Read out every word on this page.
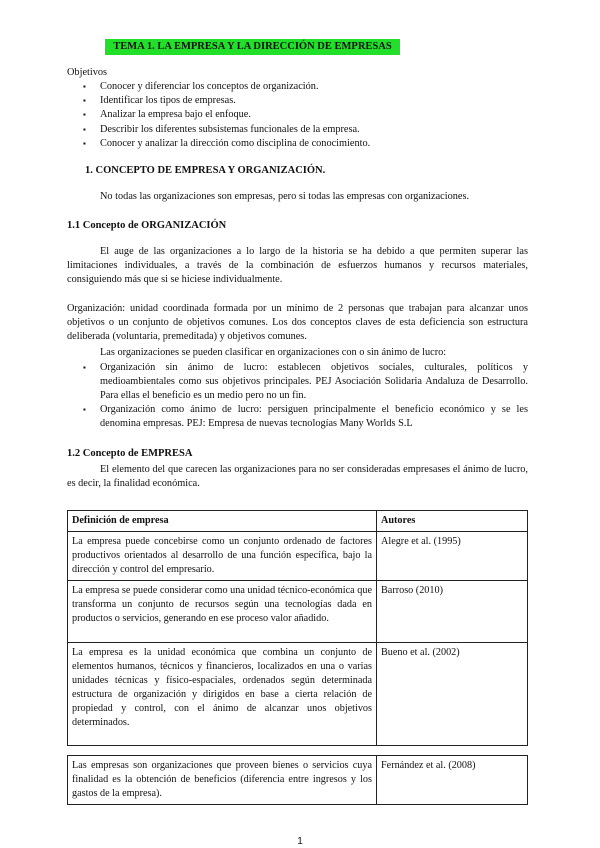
TEMA 1. LA EMPRESA Y LA DIRECCIÓN DE EMPRESAS
Objetivos
▪ Conocer y diferenciar los conceptos de organización.
▪ Identificar los tipos de empresas.
▪ Analizar la empresa bajo el enfoque.
▪ Describir los diferentes subsistemas funcionales de la empresa.
▪ Conocer y analizar la dirección como disciplina de conocimiento.
1. CONCEPTO DE EMPRESA Y ORGANIZACIÓN.
No todas las organizaciones son empresas, pero si todas las empresas con organizaciones.
1.1 Concepto de ORGANIZACIÓN
El auge de las organizaciones a lo largo de la historia se ha debido a que permiten superar las limitaciones individuales, a través de la combinación de esfuerzos humanos y recursos materiales, consiguiendo más que si se hiciese individualmente.
Organización: unidad coordinada formada por un mínimo de 2 personas que trabajan para alcanzar unos objetivos o un conjunto de objetivos comunes. Los dos conceptos claves de esta deficiencia son estructura deliberada (voluntaria, premeditada) y objetivos comunes.
Las organizaciones se pueden clasificar en organizaciones con o sin ánimo de lucro:
▪ Organización sin ánimo de lucro: establecen objetivos sociales, culturales, políticos y medioambientales como sus objetivos principales. PEJ Asociación Solidaria Andaluza de Desarrollo. Para ellas el beneficio es un medio pero no un fin.
▪ Organización como ánimo de lucro: persiguen principalmente el beneficio económico y se les denomina empresas. PEJ: Empresa de nuevas tecnologías Many Worlds S.L
1.2 Concepto de EMPRESA
El elemento del que carecen las organizaciones para no ser consideradas empresases el ánimo de lucro, es decir, la finalidad económica.
Definición de empresa	Autores
La empresa puede concebirse como un conjunto ordenado de factores productivos orientados al desarrollo de una función específica, bajo la dirección y control del empresario.	Alegre et al. (1995)
La empresa se puede considerar como una unidad técnico-económica que transforma un conjunto de recursos según una tecnologías dada en productos o servicios, generando en ese proceso valor añadido.	Barroso (2010)
La empresa es la unidad económica que combina un conjunto de elementos humanos, técnicos y financieros, localizados en una o varias unidades técnicas y físico-espaciales, ordenados según determinada estructura de organización y dirigidos en base a cierta relación de propiedad y control, con el ánimo de alcanzar unos objetivos determinados.	Bueno et al. (2002)
Las empresas son organizaciones que proveen bienes o servicios cuya finalidad es la obtención de beneficios (diferencia entre ingresos y los gastos de la empresa).	Fernández et al. (2008)
1
